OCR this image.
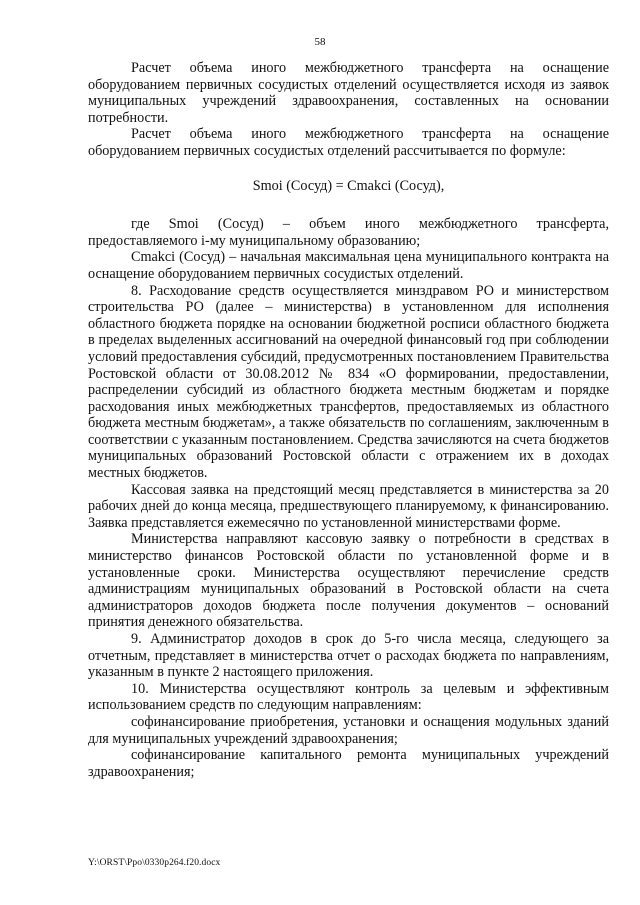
58

Расчет объема иного межбюджетного трансферта на оснащение оборудованием первичных сосудистых отделений осуществляется исходя из заявок муниципальных учреждений здравоохранения, составленных на основании потребности.

Расчет объема иного межбюджетного трансферта на оснащение оборудованием первичных сосудистых отделений рассчитывается по формуле:

Smoi (Сосуд) = Cmakci (Сосуд),

где Smoi (Сосуд) – объем иного межбюджетного трансферта, предоставляемого i-му муниципальному образованию;

Cmakci (Сосуд) – начальная максимальная цена муниципального контракта на оснащение оборудованием первичных сосудистых отделений.

8. Расходование средств осуществляется минздравом РО и министерством строительства РО (далее – министерства) в установленном для исполнения областного бюджета порядке на основании бюджетной росписи областного бюджета в пределах выделенных ассигнований на очередной финансовый год при соблюдении условий предоставления субсидий, предусмотренных постановлением Правительства Ростовской области от 30.08.2012 № 834 «О формировании, предоставлении, распределении субсидий из областного бюджета местным бюджетам и порядке расходования иных межбюджетных трансфертов, предоставляемых из областного бюджета местным бюджетам», а также обязательств по соглашениям, заключенным в соответствии с указанным постановлением. Средства зачисляются на счета бюджетов муниципальных образований Ростовской области с отражением их в доходах местных бюджетов.

Кассовая заявка на предстоящий месяц представляется в министерства за 20 рабочих дней до конца месяца, предшествующего планируемому, к финансированию. Заявка представляется ежемесячно по установленной министерствами форме.

Министерства направляют кассовую заявку о потребности в средствах в министерство финансов Ростовской области по установленной форме и в установленные сроки. Министерства осуществляют перечисление средств администрациям муниципальных образований в Ростовской области на счета администраторов доходов бюджета после получения документов – оснований принятия денежного обязательства.

9. Администратор доходов в срок до 5-го числа месяца, следующего за отчетным, представляет в министерства отчет о расходах бюджета по направлениям, указанным в пункте 2 настоящего приложения.

10. Министерства осуществляют контроль за целевым и эффективным использованием средств по следующим направлениям:

софинансирование приобретения, установки и оснащения модульных зданий для муниципальных учреждений здравоохранения;

софинансирование капитального ремонта муниципальных учреждений здравоохранения;

Y:\ORST\Ppo\0330p264.f20.docx
